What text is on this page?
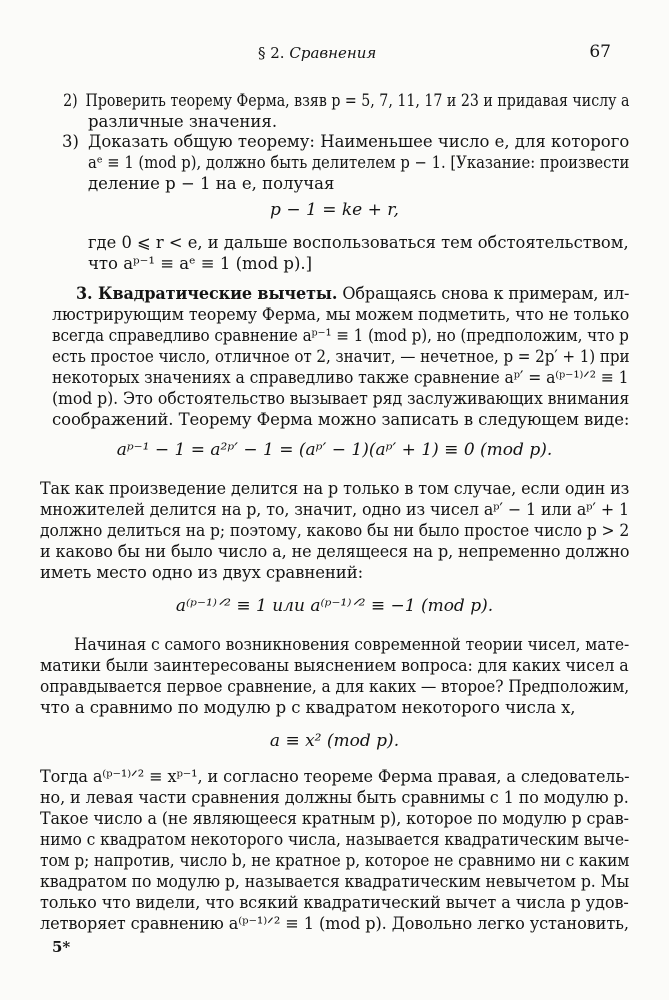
§ 2. Сравнения	67
2) Проверить теорему Ферма, взяв p = 5, 7, 11, 17 и 23 и придавая числу a
различные значения.
3) Доказать общую теорему: Наименьшее число e, для которого
aᵉ ≡ 1 (mod p), должно быть делителем p − 1. [Указание: произвести
деление p − 1 на e, получая
p − 1 = ke + r,
где 0 ⩽ r < e, и дальше воспользоваться тем обстоятельством,
что aᵖ⁻¹ ≡ aᵉ ≡ 1 (mod p).]
3. Квадратические вычеты. Обращаясь снова к примерам, ил-
люстрирующим теорему Ферма, мы можем подметить, что не только
всегда справедливо сравнение aᵖ⁻¹ ≡ 1 (mod p), но (предположим, что p
есть простое число, отличное от 2, значит, — нечетное, p = 2p′ + 1) при
некоторых значениях a справедливо также сравнение aᵖ′ = a⁽ᵖ⁻¹⁾ᐟ² ≡ 1
(mod p). Это обстоятельство вызывает ряд заслуживающих внимания
соображений. Теорему Ферма можно записать в следующем виде:
aᵖ⁻¹ − 1 = a²ᵖ′ − 1 = (aᵖ′ − 1)(aᵖ′ + 1) ≡ 0 (mod p).
Так как произведение делится на p только в том случае, если один из
множителей делится на p, то, значит, одно из чисел aᵖ′ − 1 или aᵖ′ + 1
должно делиться на p; поэтому, каково бы ни было простое число p > 2
и каково бы ни было число a, не делящееся на p, непременно должно
иметь место одно из двух сравнений:
a⁽ᵖ⁻¹⁾ᐟ² ≡ 1 или a⁽ᵖ⁻¹⁾ᐟ² ≡ −1 (mod p).
Начиная с самого возникновения современной теории чисел, мате-
матики были заинтересованы выяснением вопроса: для каких чисел a
оправдывается первое сравнение, а для каких — второе? Предположим,
что a сравнимо по модулю p с квадратом некоторого числа x,
a ≡ x² (mod p).
Тогда a⁽ᵖ⁻¹⁾ᐟ² ≡ xᵖ⁻¹, и согласно теореме Ферма правая, а следователь-
но, и левая части сравнения должны быть сравнимы с 1 по модулю p.
Такое число a (не являющееся кратным p), которое по модулю p срав-
нимо с квадратом некоторого числа, называется квадратическим выче-
том p; напротив, число b, не кратное p, которое не сравнимо ни с каким
квадратом по модулю p, называется квадратическим невычетом p. Мы
только что видели, что всякий квадратический вычет a числа p удов-
летворяет сравнению a⁽ᵖ⁻¹⁾ᐟ² ≡ 1 (mod p). Довольно легко установить,
5*
